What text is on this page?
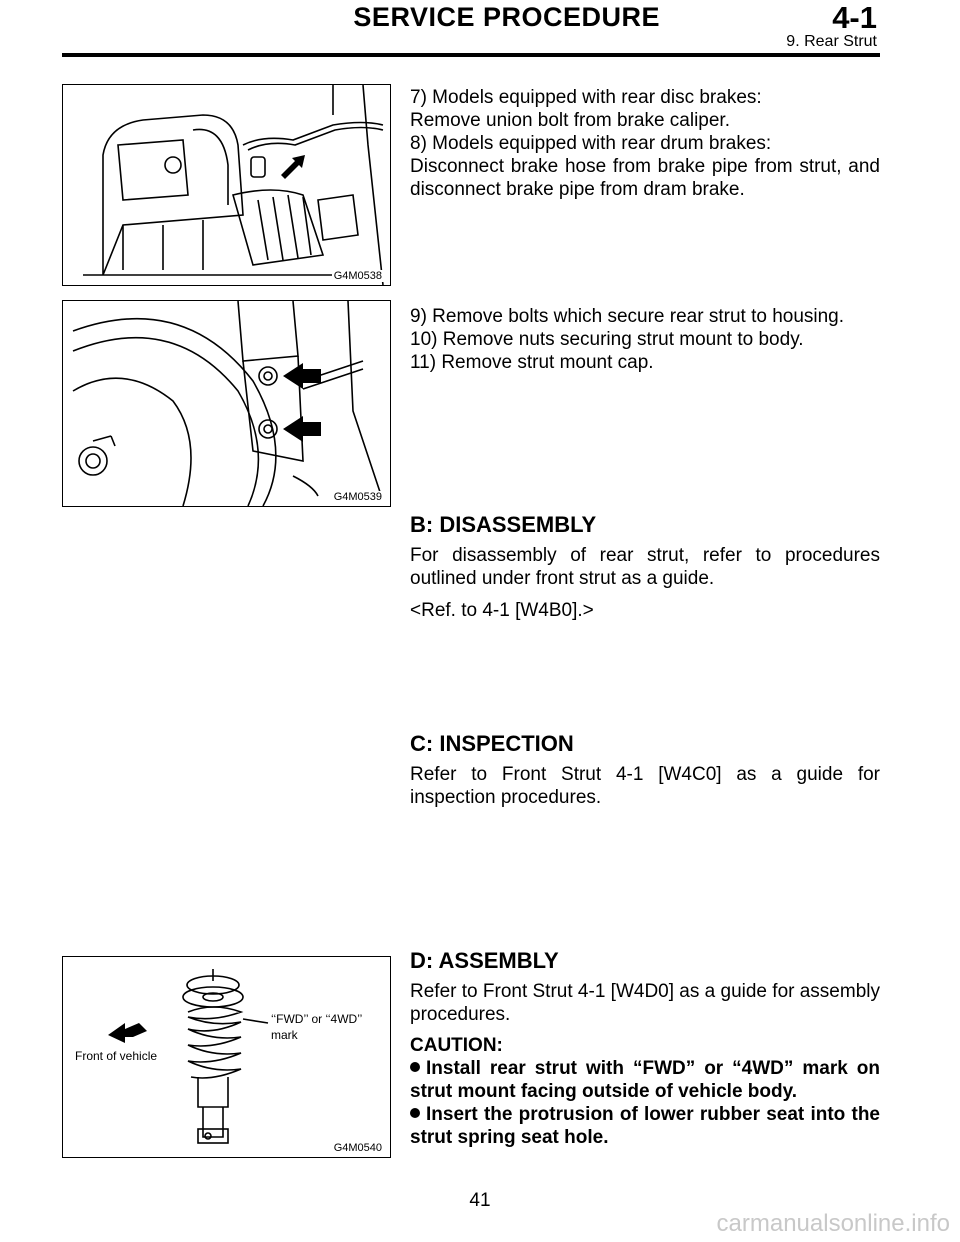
SERVICE PROCEDURE	4-1
9. Rear Strut
G4M0538

7) Models equipped with rear disc brakes:

Remove union bolt from brake caliper.

8) Models equipped with rear drum brakes:

Disconnect brake hose from brake pipe from strut, and disconnect brake pipe from dram brake.

G4M0539

9) Remove bolts which secure rear strut to housing.

10) Remove nuts securing strut mount to body.

11) Remove strut mount cap.

B: DISASSEMBLY

For disassembly of rear strut, refer to procedures outlined under front strut as a guide.

<Ref. to 4-1 [W4B0].>

C: INSPECTION

Refer to Front Strut 4-1 [W4C0] as a guide for inspection procedures.

Front of vehicle
‘‘FWD’’ or ‘‘4WD’’
mark
G4M0540
D: ASSEMBLY

Refer to Front Strut 4-1 [W4D0] as a guide for assembly procedures.

CAUTION:

Install rear strut with “FWD” or “4WD” mark on strut mount facing outside of vehicle body.

Insert the protrusion of lower rubber seat into the strut spring seat hole.

41
carmanualsonline.info
